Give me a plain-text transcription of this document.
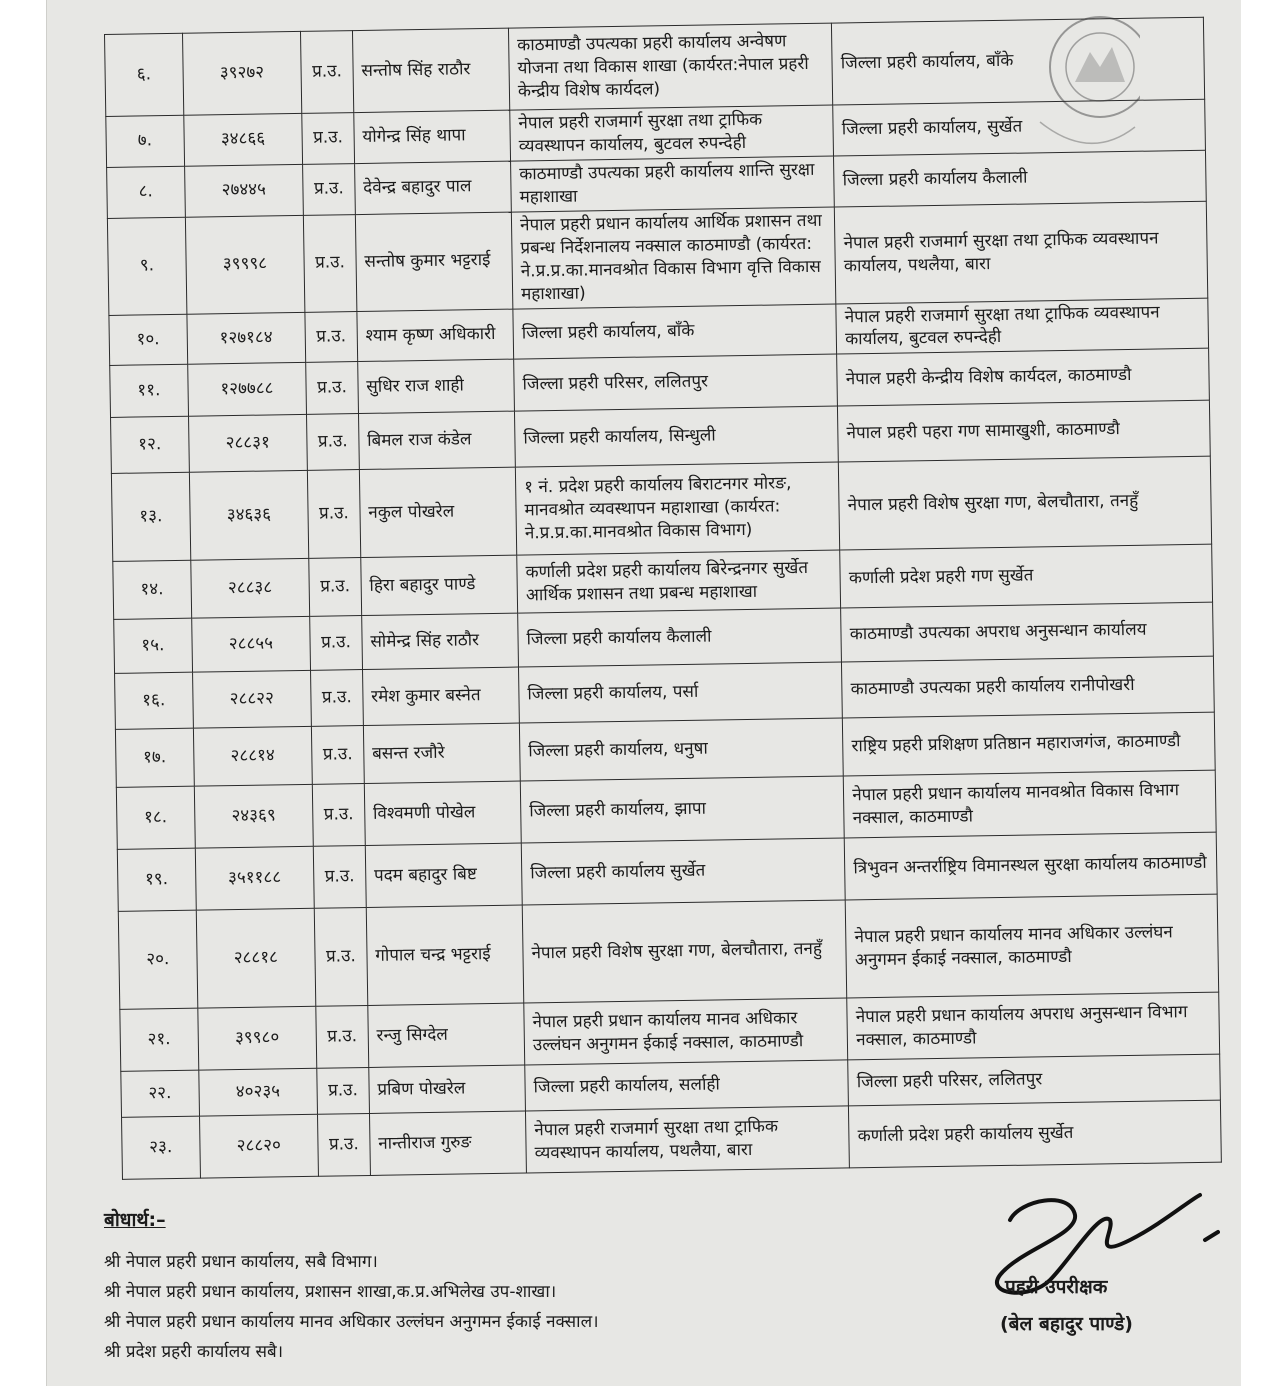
६.	३९२७२	प्र.उ.	सन्तोष सिंह राठौर	काठमाण्डौ उपत्यका प्रहरी कार्यालय अन्वेषण योजना तथा विकास शाखा (कार्यरत:नेपाल प्रहरी केन्द्रीय विशेष कार्यदल)	जिल्ला प्रहरी कार्यालय, बाँके
७.	३४८६६	प्र.उ.	योगेन्द्र सिंह थापा	नेपाल प्रहरी राजमार्ग सुरक्षा तथा ट्राफिक व्यवस्थापन कार्यालय, बुटवल रुपन्देही	जिल्ला प्रहरी कार्यालय, सुर्खेत
८.	२७४४५	प्र.उ.	देवेन्द्र बहादुर पाल	काठमाण्डौ उपत्यका प्रहरी कार्यालय शान्ति सुरक्षा महाशाखा	जिल्ला प्रहरी कार्यालय कैलाली
९.	३९९९८	प्र.उ.	सन्तोष कुमार भट्टराई	नेपाल प्रहरी प्रधान कार्यालय आर्थिक प्रशासन तथा प्रबन्ध निर्देशनालय नक्साल काठमाण्डौ (कार्यरत: ने.प्र.प्र.का.मानवश्रोत विकास विभाग वृत्ति विकास महाशाखा)	नेपाल प्रहरी राजमार्ग सुरक्षा तथा ट्राफिक व्यवस्थापन कार्यालय, पथलैया, बारा
१०.	१२७१८४	प्र.उ.	श्याम कृष्ण अधिकारी	जिल्ला प्रहरी कार्यालय, बाँके	नेपाल प्रहरी राजमार्ग सुरक्षा तथा ट्राफिक व्यवस्थापन कार्यालय, बुटवल रुपन्देही
११.	१२७७८८	प्र.उ.	सुधिर राज शाही	जिल्ला प्रहरी परिसर, ललितपुर	नेपाल प्रहरी केन्द्रीय विशेष कार्यदल, काठमाण्डौ
१२.	२८८३१	प्र.उ.	बिमल राज कंडेल	जिल्ला प्रहरी कार्यालय, सिन्धुली	नेपाल प्रहरी पहरा गण सामाखुशी, काठमाण्डौ
१३.	३४६३६	प्र.उ.	नकुल पोखरेल	१ नं. प्रदेश प्रहरी कार्यालय बिराटनगर मोरङ, मानवश्रोत व्यवस्थापन महाशाखा (कार्यरत: ने.प्र.प्र.का.मानवश्रोत विकास विभाग)	नेपाल प्रहरी विशेष सुरक्षा गण, बेलचौतारा, तनहुँ
१४.	२८८३८	प्र.उ.	हिरा बहादुर पाण्डे	कर्णाली प्रदेश प्रहरी कार्यालय बिरेन्द्रनगर सुर्खेत आर्थिक प्रशासन तथा प्रबन्ध महाशाखा	कर्णाली प्रदेश प्रहरी गण सुर्खेत
१५.	२८८५५	प्र.उ.	सोमेन्द्र सिंह राठौर	जिल्ला प्रहरी कार्यालय कैलाली	काठमाण्डौ उपत्यका अपराध अनुसन्धान कार्यालय
१६.	२८८२२	प्र.उ.	रमेश कुमार बस्नेत	जिल्ला प्रहरी कार्यालय, पर्सा	काठमाण्डौ उपत्यका प्रहरी कार्यालय रानीपोखरी
१७.	२८८१४	प्र.उ.	बसन्त रजौरे	जिल्ला प्रहरी कार्यालय, धनुषा	राष्ट्रिय प्रहरी प्रशिक्षण प्रतिष्ठान महाराजगंज, काठमाण्डौ
१८.	२४३६९	प्र.उ.	विश्वमणी पोखेल	जिल्ला प्रहरी कार्यालय, झापा	नेपाल प्रहरी प्रधान कार्यालय मानवश्रोत विकास विभाग नक्साल, काठमाण्डौ
१९.	३५११८८	प्र.उ.	पदम बहादुर बिष्ट	जिल्ला प्रहरी कार्यालय सुर्खेत	त्रिभुवन अन्तर्राष्ट्रिय विमानस्थल सुरक्षा कार्यालय काठमाण्डौ
२०.	२८८१८	प्र.उ.	गोपाल चन्द्र भट्टराई	नेपाल प्रहरी विशेष सुरक्षा गण, बेलचौतारा, तनहुँ	नेपाल प्रहरी प्रधान कार्यालय मानव अधिकार उल्लंघन अनुगमन ईकाई नक्साल, काठमाण्डौ
२१.	३९९८०	प्र.उ.	रन्जु सिग्देल	नेपाल प्रहरी प्रधान कार्यालय मानव अधिकार उल्लंघन अनुगमन ईकाई नक्साल, काठमाण्डौ	नेपाल प्रहरी प्रधान कार्यालय अपराध अनुसन्धान विभाग नक्साल, काठमाण्डौ
२२.	४०२३५	प्र.उ.	प्रबिण पोखरेल	जिल्ला प्रहरी कार्यालय, सर्लाही	जिल्ला प्रहरी परिसर, ललितपुर
२३.	२८८२०	प्र.उ.	नान्तीराज गुरुङ	नेपाल प्रहरी राजमार्ग सुरक्षा तथा ट्राफिक व्यवस्थापन कार्यालय, पथलैया, बारा	कर्णाली प्रदेश प्रहरी कार्यालय सुर्खेत
बोधार्थ:–
श्री नेपाल प्रहरी प्रधान कार्यालय, सबै विभाग।
श्री नेपाल प्रहरी प्रधान कार्यालय, प्रशासन शाखा,क.प्र.अभिलेख उप-शाखा।
श्री नेपाल प्रहरी प्रधान कार्यालय मानव अधिकार उल्लंघन अनुगमन ईकाई नक्साल।
श्री प्रदेश प्रहरी कार्यालय सबै।
प्रहरी उपरीक्षक
(बेल बहादुर पाण्डे)
